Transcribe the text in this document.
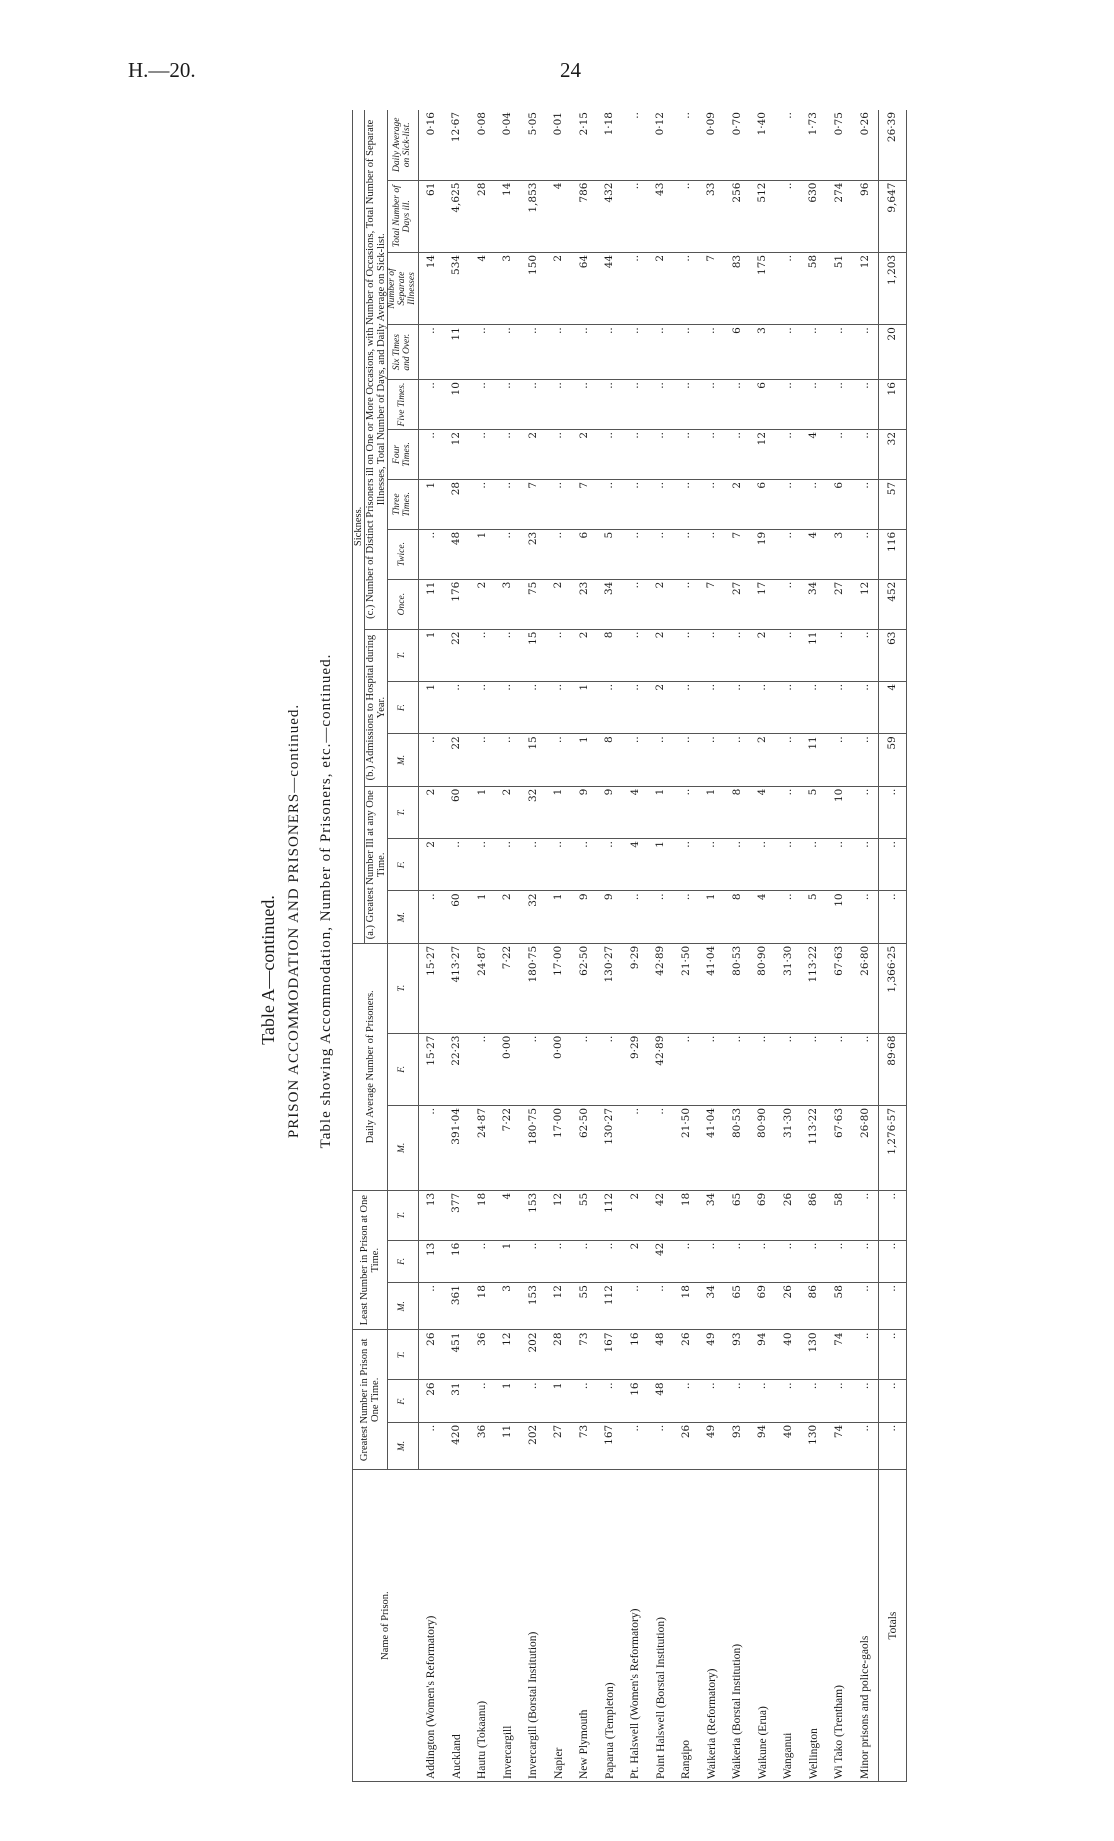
H.—20.	24
Table A—continued. PRISON ACCOMMODATION AND PRISONERS—continued. Table showing Accommodation, Number of Prisoners, etc.—continued.
Name of Prison.	Greatest Number in Prison at One Time.			Least Number in Prison at One Time.			Daily Average Number of Prisoners.			Sickness.														
										(a.) Greatest Number Ill at any One Time.			(b.) Admissions to Hospital during Year.			(c.) Number of Distinct Prisoners ill on One or More Occasions, with Number of Occasions, Total Number of Separate Illnesses, Total Number of Days, and Daily Average on Sick-list.								
	M.	F.	T.	M.	F.	T.	M.	F.	T.	M.	F.	T.	M.	F.	T.	Once.	Twice.	Three Times.	Four Times.	Five Times.	Six Times and Over.	Number of Separate Illnesses	Total Number of Days ill.	Daily Average on Sick-list.
Addington (Women's Reformatory)	..	26	26	..	13	13	..	15·27	15·27	..	2	2	..	1	1	11	..	1	..	..	..	14	61	0·16
Auckland	420	31	451	361	16	377	391·04	22·23	413·27	60	..	60	22	..	22	176	48	28	12	10	11	534	4,625	12·67
Hautu (Tokaanu)	36	..	36	18	..	18	24·87	..	24·87	1	..	1	..	..	..	2	1	..	..	..	..	4	28	0·08
Invercargill	11	1	12	3	1	4	7·22	0·00	7·22	2	..	2	..	..	..	3	..	..	..	..	..	3	14	0·04
Invercargill (Borstal Institution)	202	..	202	153	..	153	180·75	..	180·75	32	..	32	15	..	15	75	23	7	2	..	..	150	1,853	5·05
Napier	27	1	28	12	..	12	17·00	0·00	17·00	1	..	1	..	..	..	2	..	..	..	..	..	2	4	0·01
New Plymouth	73	..	73	55	..	55	62·50	..	62·50	9	..	9	1	1	2	23	6	7	2	..	..	64	786	2·15
Paparua (Templeton)	167	..	167	112	..	112	130·27	..	130·27	9	..	9	8	..	8	34	5	..	..	..	..	44	432	1·18
Pt. Halswell (Women's Reformatory)	..	16	16	..	2	2	..	9·29	9·29	..	4	4	..	..	..	..	..	..	..	..	..	..	..	..
Point Halswell (Borstal Institution)	..	48	48	..	42	42	..	42·89	42·89	..	1	1	..	2	2	2	..	..	..	..	..	2	43	0·12
Rangipo	26	..	26	18	..	18	21·50	..	21·50	..	..	..	..	..	..	..	..	..	..	..	..	..	..	..
Waikeria (Reformatory)	49	..	49	34	..	34	41·04	..	41·04	1	..	1	..	..	..	7	..	..	..	..	..	7	33	0·09
Waikeria (Borstal Institution)	93	..	93	65	..	65	80·53	..	80·53	8	..	8	..	..	..	27	7	2	..	..	6	83	256	0·70
Waikune (Erua)	94	..	94	69	..	69	80·90	..	80·90	4	..	4	2	..	2	17	19	6	12	6	3	175	512	1·40
Wanganui	40	..	40	26	..	26	31·30	..	31·30	..	..	..	..	..	..	..	..	..	..	..	..	..	..	..
Wellington	130	..	130	86	..	86	113·22	..	113·22	5	..	5	11	..	11	34	4	..	4	..	..	58	630	1·73
Wi Tako (Trentham)	74	..	74	58	..	58	67·63	..	67·63	10	..	10	..	..	..	27	3	6	..	..	..	51	274	0·75
Minor prisons and police-gaols	..	..	..	..	..	..	26·80	..	26·80	..	..	..	..	..	..	12	..	..	..	..	..	12	96	0·26
Totals	..	..	..	..	..	..	1,276·57	89·68	1,366·25	..	..	..	59	4	63	452	116	57	32	16	20	1,203	9,647	26·39
